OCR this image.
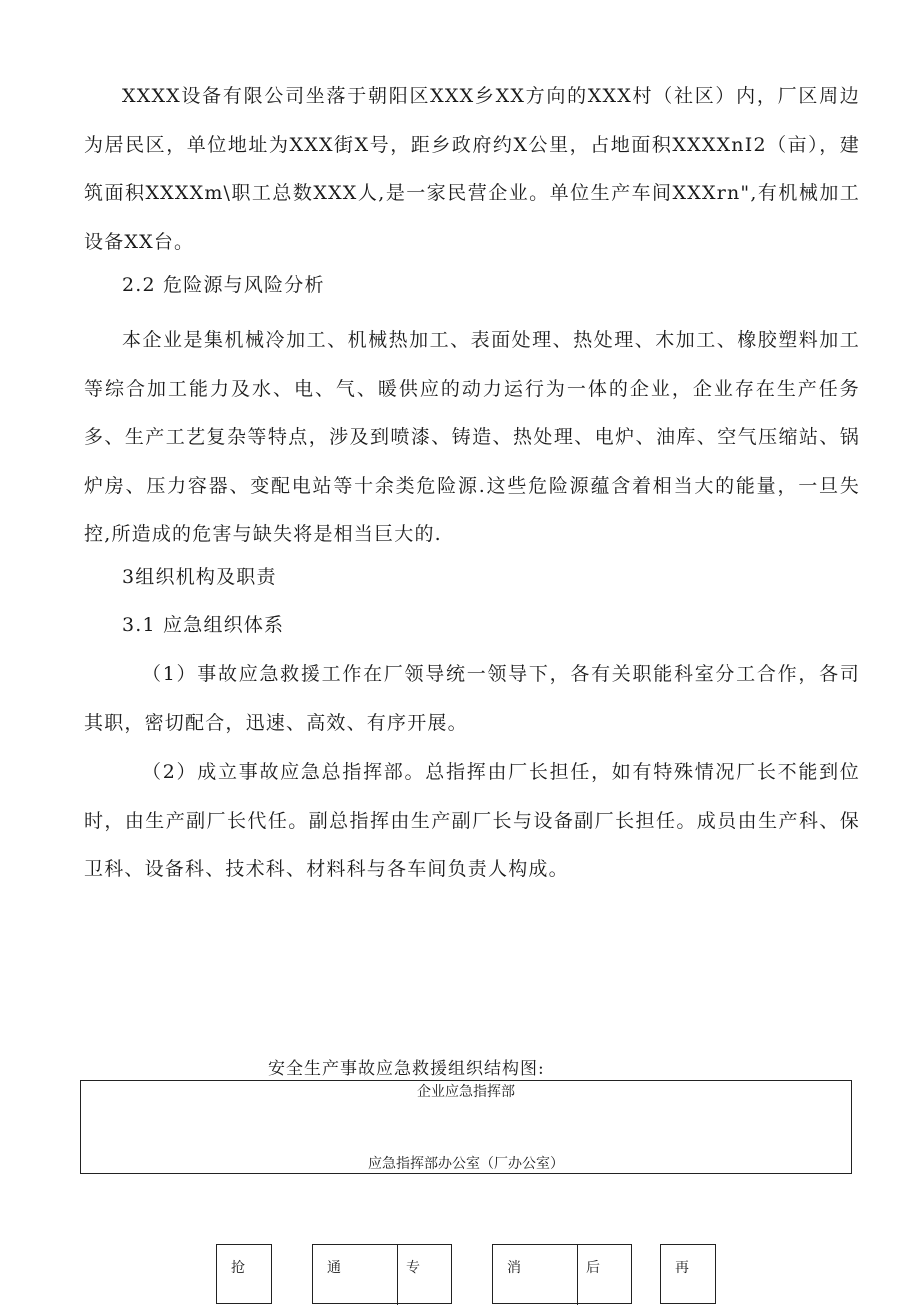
XXXX设备有限公司坐落于朝阳区XXX乡XX方向的XXX村（社区）内，厂区周边为居民区，单位地址为XXX街X号，距乡政府约X公里，占地面积XXXXnI2（亩），建筑面积XXXXm\职工总数XXX人,是一家民营企业。单位生产车间XXXrn",有机械加工设备XX台。

2.2 危险源与风险分析

本企业是集机械冷加工、机械热加工、表面处理、热处理、木加工、橡胶塑料加工等综合加工能力及水、电、气、暖供应的动力运行为一体的企业，企业存在生产任务多、生产工艺复杂等特点，涉及到喷漆、铸造、热处理、电炉、油库、空气压缩站、锅炉房、压力容器、变配电站等十余类危险源.这些危险源蕴含着相当大的能量，一旦失控,所造成的危害与缺失将是相当巨大的.

3组织机构及职责
3.1 应急组织体系

（1）事故应急救援工作在厂领导统一领导下，各有关职能科室分工合作，各司其职，密切配合，迅速、高效、有序开展。

（2）成立事故应急总指挥部。总指挥由厂长担任，如有特殊情况厂长不能到位时，由生产副厂长代任。副总指挥由生产副厂长与设备副厂长担任。成员由生产科、保卫科、设备科、技术科、材料科与各车间负责人构成。

安全生产事故应急救援组织结构图:
企业应急指挥部
应急指挥部办公室（厂办公室）
抢	通	专	消	后	再
